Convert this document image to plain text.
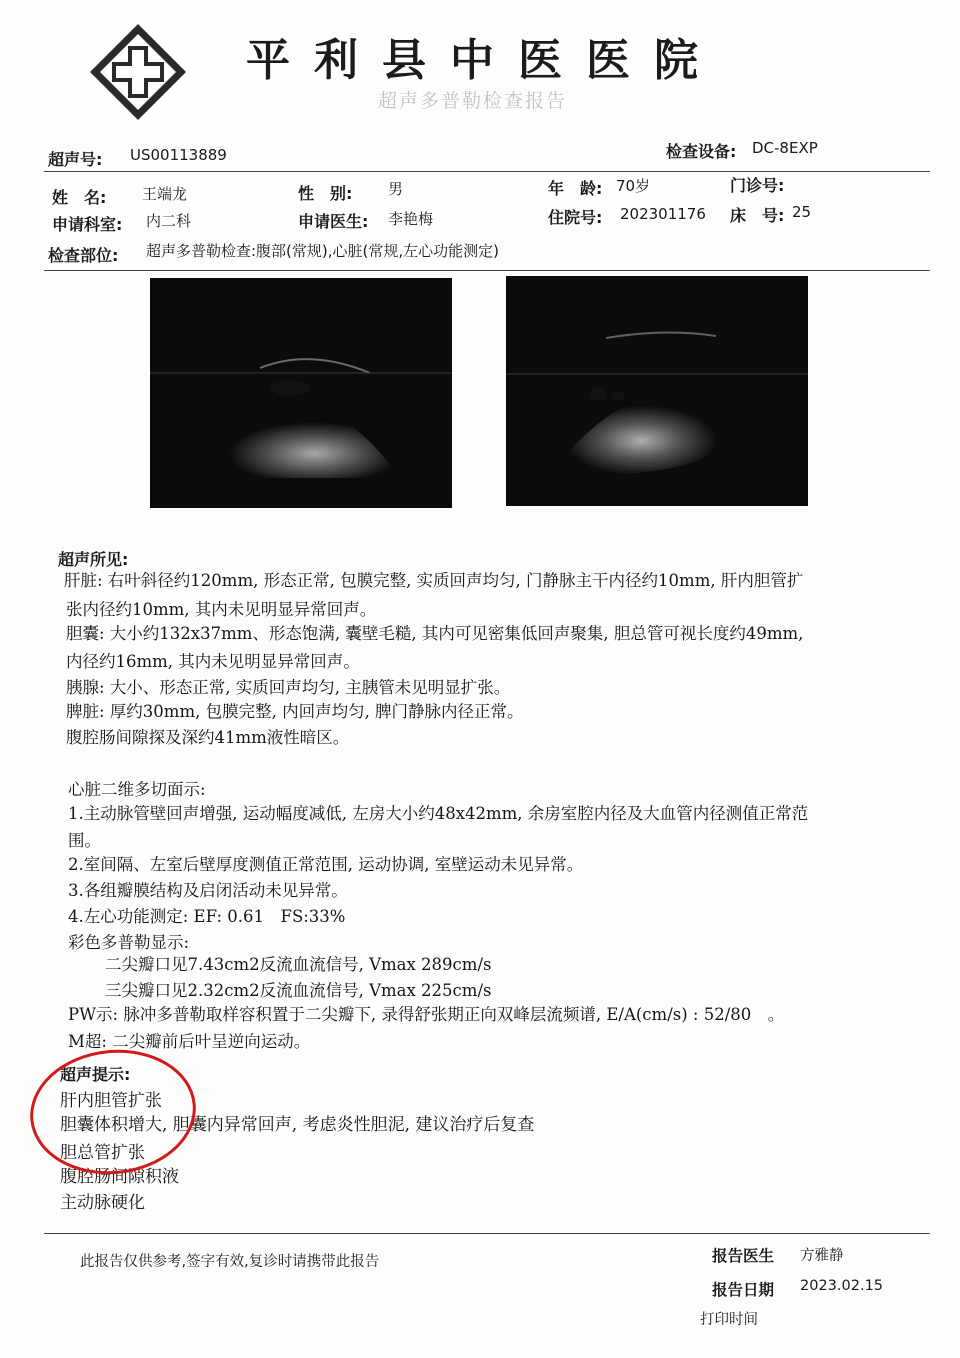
平利县中医医院
超声多普勒检查报告
超声号: US00113889	检查设备: DC-8EXP
姓　名: 王端龙	性　别: 男	年　龄: 70岁	门诊号:
申请科室: 内二科	申请医生: 李艳梅	住院号: 202301176 床　号: 25
检查部位: 超声多普勒检查:腹部(常规),心脏(常规,左心功能测定)
超声所见:
肝脏: 右叶斜径约120mm, 形态正常, 包膜完整, 实质回声均匀, 门静脉主干内径约10mm, 肝内胆管扩
张内径约10mm, 其内未见明显异常回声。
胆囊: 大小约132x37mm、形态饱满, 囊壁毛糙, 其内可见密集低回声聚集, 胆总管可视长度约49mm,
内径约16mm, 其内未见明显异常回声。
胰腺: 大小、形态正常, 实质回声均匀, 主胰管未见明显扩张。
脾脏: 厚约30mm, 包膜完整, 内回声均匀, 脾门静脉内径正常。
腹腔肠间隙探及深约41mm液性暗区。
心脏二维多切面示:
1.主动脉管壁回声增强, 运动幅度减低, 左房大小约48x42mm, 余房室腔内径及大血管内径测值正常范
围。
2.室间隔、左室后壁厚度测值正常范围, 运动协调, 室壁运动未见异常。
3.各组瓣膜结构及启闭活动未见异常。
4.左心功能测定: EF: 0.61　FS:33%
彩色多普勒显示:
　　二尖瓣口见7.43cm2反流血流信号, Vmax 289cm/s
　　三尖瓣口见2.32cm2反流血流信号, Vmax 225cm/s
PW示: 脉冲多普勒取样容积置于二尖瓣下, 录得舒张期正向双峰层流频谱, E/A(cm/s) : 52/80　。
M超: 二尖瓣前后叶呈逆向运动。
超声提示:
肝内胆管扩张
胆囊体积增大, 胆囊内异常回声, 考虑炎性胆泥, 建议治疗后复查
胆总管扩张
腹腔肠间隙积液
主动脉硬化
此报告仅供参考,签字有效,复诊时请携带此报告	报告医生 方雅静
报告日期 2023.02.15
打印时间
